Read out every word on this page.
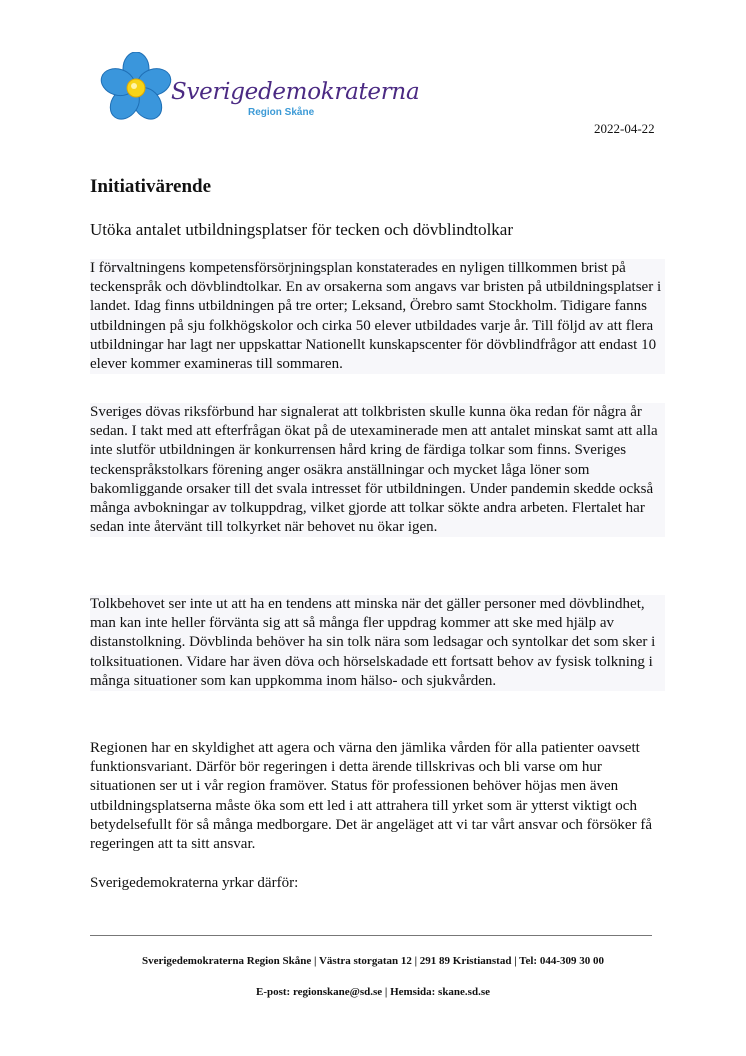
Sverigedemokraterna
Region Skåne
2022-04-22
Initiativärende
Utöka antalet utbildningsplatser för tecken och dövblindtolkar

I förvaltningens kompetensförsörjningsplan konstaterades en nyligen tillkommen brist på teckenspråk och dövblindtolkar. En av orsakerna som angavs var bristen på utbildningsplatser i landet. Idag finns utbildningen på tre orter; Leksand, Örebro samt Stockholm. Tidigare fanns utbildningen på sju folkhögskolor och cirka 50 elever utbildades varje år. Till följd av att flera utbildningar har lagt ner uppskattar Nationellt kunskapscenter för dövblindfrågor att endast 10 elever kommer examineras till sommaren.

Sveriges dövas riksförbund har signalerat att tolkbristen skulle kunna öka redan för några år sedan. I takt med att efterfrågan ökat på de utexaminerade men att antalet minskat samt att alla inte slutför utbildningen är konkurrensen hård kring de färdiga tolkar som finns. Sveriges teckenspråkstolkars förening anger osäkra anställningar och mycket låga löner som bakomliggande orsaker till det svala intresset för utbildningen. Under pandemin skedde också många avbokningar av tolkuppdrag, vilket gjorde att tolkar sökte andra arbeten. Flertalet har sedan inte återvänt till tolkyrket när behovet nu ökar igen.

Tolkbehovet ser inte ut att ha en tendens att minska när det gäller personer med dövblindhet, man kan inte heller förvänta sig att så många fler uppdrag kommer att ske med hjälp av distanstolkning. Dövblinda behöver ha sin tolk nära som ledsagar och syntolkar det som sker i tolksituationen. Vidare har även döva och hörselskadade ett fortsatt behov av fysisk tolkning i många situationer som kan uppkomma inom hälso- och sjukvården.

Regionen har en skyldighet att agera och värna den jämlika vården för alla patienter oavsett funktionsvariant. Därför bör regeringen i detta ärende tillskrivas och bli varse om hur situationen ser ut i vår region framöver. Status för professionen behöver höjas men även utbildningsplatserna måste öka som ett led i att attrahera till yrket som är ytterst viktigt och betydelsefullt för så många medborgare. Det är angeläget att vi tar vårt ansvar och försöker få regeringen att ta sitt ansvar.

Sverigedemokraterna yrkar därför:

Sverigedemokraterna Region Skåne | Västra storgatan 12 | 291 89 Kristianstad | Tel: 044-309 30 00
E-post: regionskane@sd.se | Hemsida: skane.sd.se
